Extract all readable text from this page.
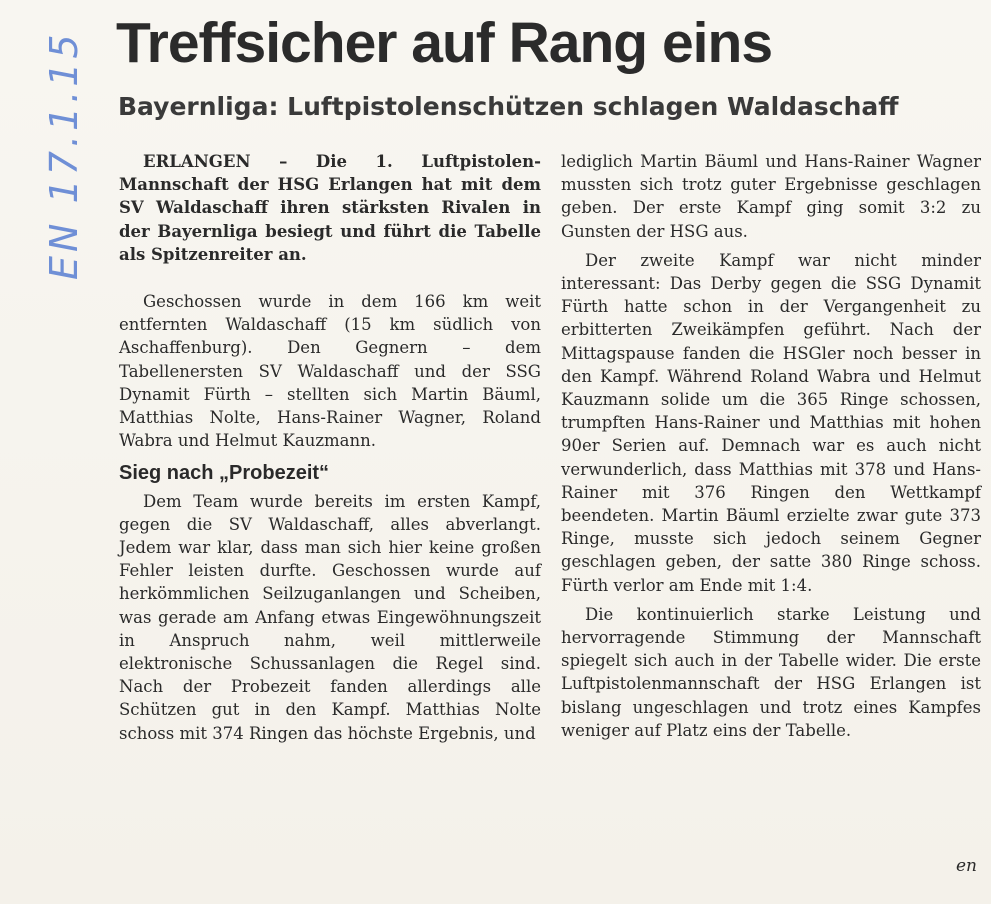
EN 17.1.15 Treffsicher auf Rang eins
Bayernliga: Luftpistolenschützen schlagen Waldaschaff

ERLANGEN – Die 1. Luftpistolen-Mannschaft der HSG Erlangen hat mit dem SV Waldaschaff ihren stärksten Rivalen in der Bayernliga besiegt und führt die Tabelle als Spitzenreiter an.

Geschossen wurde in dem 166 km weit entfernten Waldaschaff (15 km südlich von Aschaffenburg). Den Gegnern – dem Tabellenersten SV Waldaschaff und der SSG Dynamit Fürth – stellten sich Martin Bäuml, Matthias Nolte, Hans-Rainer Wagner, Roland Wabra und Helmut Kauzmann.

Sieg nach „Probezeit“

Dem Team wurde bereits im ersten Kampf, gegen die SV Waldaschaff, alles abverlangt. Jedem war klar, dass man sich hier keine großen Fehler leisten durfte. Geschossen wurde auf herkömmlichen Seilzuganlangen und Scheiben, was gerade am Anfang etwas Eingewöhnungszeit in Anspruch nahm, weil mittlerweile elektronische Schussanlagen die Regel sind. Nach der Probezeit fanden allerdings alle Schützen gut in den Kampf. Matthias Nolte schoss mit 374 Ringen das höchste Ergebnis, und

lediglich Martin Bäuml und Hans-Rainer Wagner mussten sich trotz guter Ergebnisse geschlagen geben. Der erste Kampf ging somit 3:2 zu Gunsten der HSG aus.

Der zweite Kampf war nicht minder interessant: Das Derby gegen die SSG Dynamit Fürth hatte schon in der Vergangenheit zu erbitterten Zweikämpfen geführt. Nach der Mittagspause fanden die HSGler noch besser in den Kampf. Während Roland Wabra und Helmut Kauzmann solide um die 365 Ringe schossen, trumpften Hans-Rainer und Matthias mit hohen 90er Serien auf. Demnach war es auch nicht verwunderlich, dass Matthias mit 378 und Hans-Rainer mit 376 Ringen den Wettkampf beendeten. Martin Bäuml erzielte zwar gute 373 Ringe, musste sich jedoch seinem Gegner geschlagen geben, der satte 380 Ringe schoss. Fürth verlor am Ende mit 1:4.

Die kontinuierlich starke Leistung und hervorragende Stimmung der Mannschaft spiegelt sich auch in der Tabelle wider. Die erste Luftpistolenmannschaft der HSG Erlangen ist bislang ungeschlagen und trotz eines Kampfes weniger auf Platz eins der Tabelle.

en
